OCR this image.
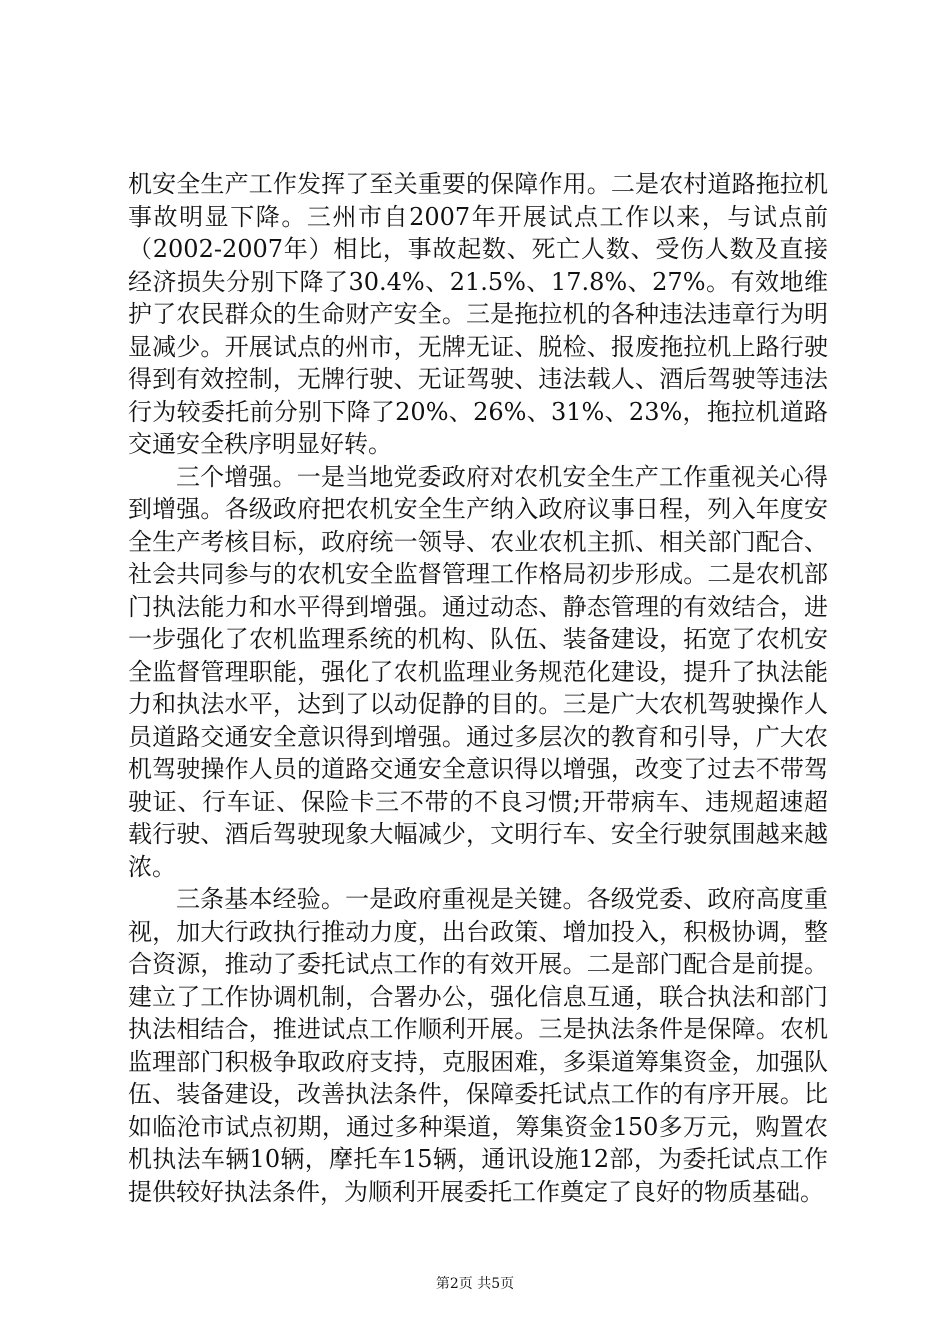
机安全生产工作发挥了至关重要的保障作用。二是农村道路拖拉机事故明显下降。三州市自2007年开展试点工作以来，与试点前（2002-2007年）相比，事故起数、死亡人数、受伤人数及直接经济损失分别下降了30.4%、21.5%、17.8%、27%。有效地维护了农民群众的生命财产安全。三是拖拉机的各种违法违章行为明显减少。开展试点的州市，无牌无证、脱检、报废拖拉机上路行驶得到有效控制，无牌行驶、无证驾驶、违法载人、酒后驾驶等违法行为较委托前分别下降了20%、26%、31%、23%，拖拉机道路交通安全秩序明显好转。

三个增强。一是当地党委政府对农机安全生产工作重视关心得到增强。各级政府把农机安全生产纳入政府议事日程，列入年度安全生产考核目标，政府统一领导、农业农机主抓、相关部门配合、社会共同参与的农机安全监督管理工作格局初步形成。二是农机部门执法能力和水平得到增强。通过动态、静态管理的有效结合，进一步强化了农机监理系统的机构、队伍、装备建设，拓宽了农机安全监督管理职能，强化了农机监理业务规范化建设，提升了执法能力和执法水平，达到了以动促静的目的。三是广大农机驾驶操作人员道路交通安全意识得到增强。通过多层次的教育和引导，广大农机驾驶操作人员的道路交通安全意识得以增强，改变了过去不带驾驶证、行车证、保险卡三不带的不良习惯;开带病车、违规超速超载行驶、酒后驾驶现象大幅减少，文明行车、安全行驶氛围越来越浓。

三条基本经验。一是政府重视是关键。各级党委、政府高度重视，加大行政执行推动力度，出台政策、增加投入，积极协调，整合资源，推动了委托试点工作的有效开展。二是部门配合是前提。建立了工作协调机制，合署办公，强化信息互通，联合执法和部门执法相结合，推进试点工作顺利开展。三是执法条件是保障。农机监理部门积极争取政府支持，克服困难，多渠道筹集资金，加强队伍、装备建设，改善执法条件，保障委托试点工作的有序开展。比如临沧市试点初期，通过多种渠道，筹集资金150多万元，购置农机执法车辆10辆，摩托车15辆，通讯设施12部，为委托试点工作提供较好执法条件，为顺利开展委托工作奠定了良好的物质基础。

第2页 共5页
